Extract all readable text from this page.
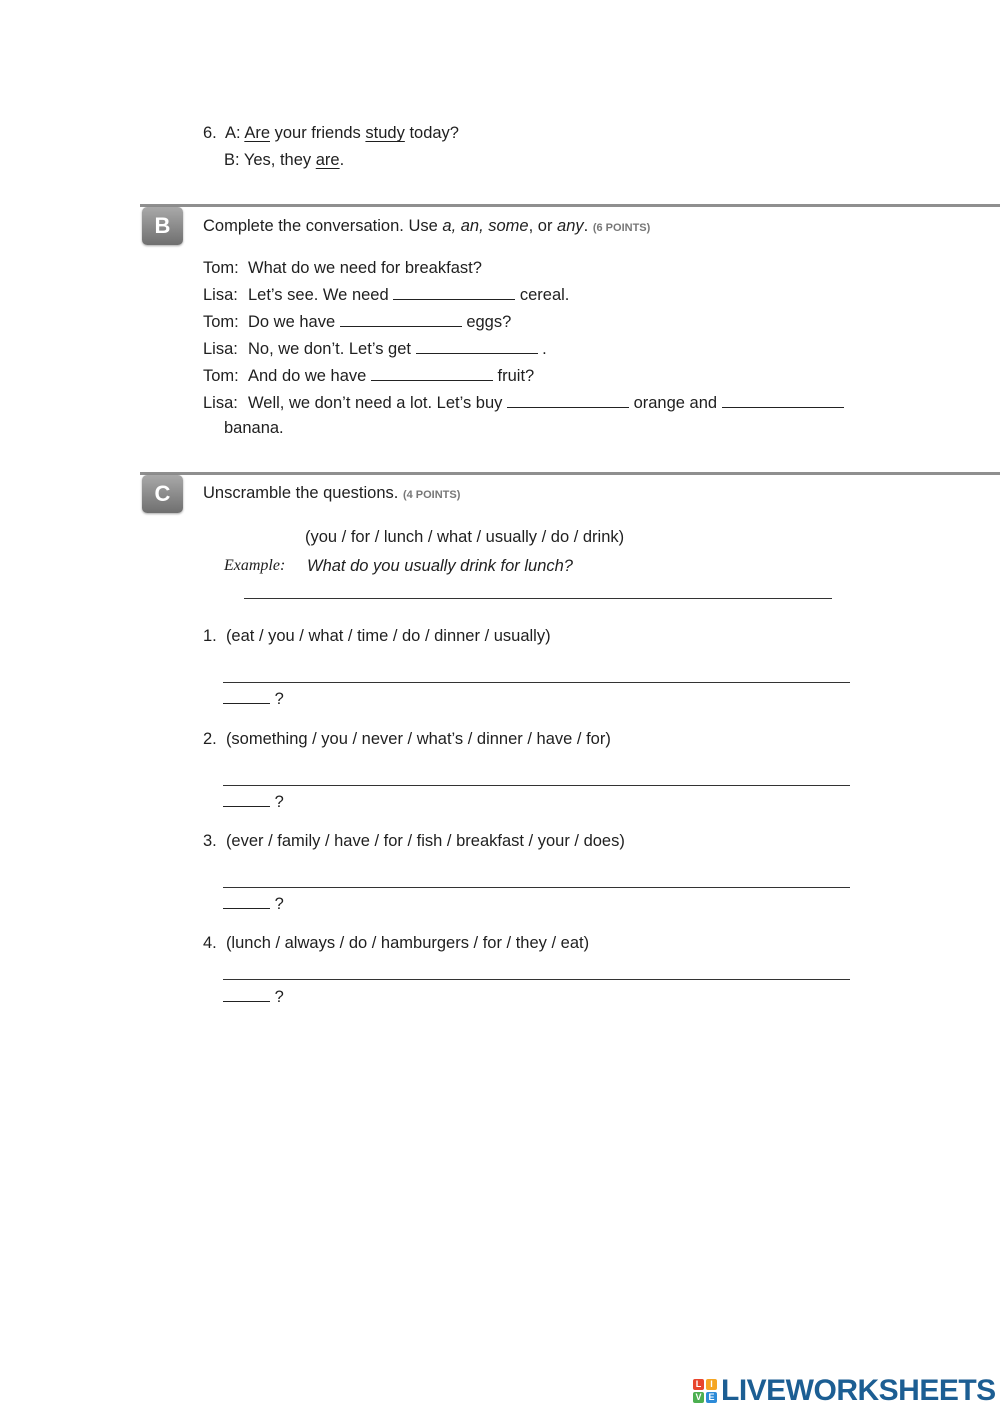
6. A: Are your friends study today?
B: Yes, they are.
B	Complete the conversation. Use a, an, some, or any. (6 POINTS)
Tom: What do we need for breakfast?
Lisa: Let’s see. We need	cereal.
Tom: Do we have	eggs?
Lisa: No, we don’t. Let’s get	.
Tom: And do we have	fruit?
Lisa: Well, we don’t need a lot. Let’s buy	orange and
banana.
C	Unscramble the questions. (4 POINTS)
(you / for / lunch / what / usually / do / drink)
Example: What do you usually drink for lunch?
1. (eat / you / what / time / do / dinner / usually)
?
2. (something / you / never / what’s / dinner / have / for)
?
3. (ever / family / have / for / fish / breakfast / your / does)
?
4. (lunch / always / do / hamburgers / for / they / eat)
?
L I
V E LIVEWORKSHEETS
